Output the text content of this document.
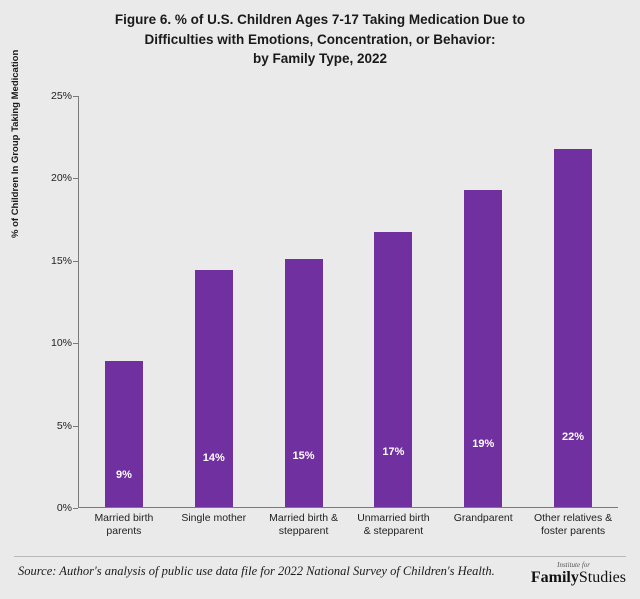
Figure 6. % of U.S. Children Ages 7-17 Taking Medication Due to
Difficulties with Emotions, Concentration, or Behavior:
by Family Type, 2022
% of Children In Group Taking Medication
0%
5%
10%
15%
20%
25%
9%
14%	15%	17%
19%
22%
Married birth
parents
Single mother	Married birth &
stepparent
Unmarried birth
& stepparent
Grandparent	Other relatives &
foster parents
Source: Author's analysis of public use data file for 2022 National Survey of Children's Health.	Institute for
FamilyStudies
